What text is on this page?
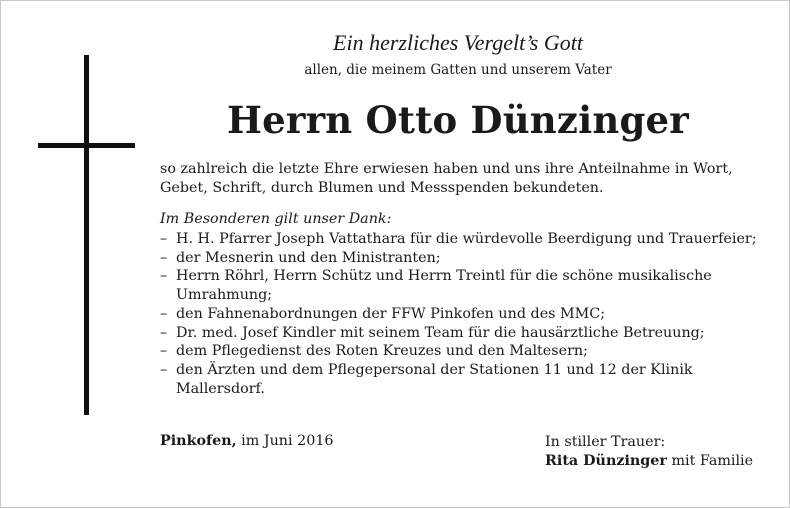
Ein herzliches Vergelt’s Gott
allen, die meinem Gatten und unserem Vater
Herrn Otto Dünzinger
so zahlreich die letzte Ehre erwiesen haben und uns ihre Anteilnahme in Wort, Gebet, Schrift, durch Blumen und Messspenden bekundeten.
Im Besonderen gilt unser Dank:
– H. H. Pfarrer Joseph Vattathara für die würdevolle Beerdigung und Trauerfeier;
– der Mesnerin und den Ministranten;
– Herrn Röhrl, Herrn Schütz und Herrn Treintl für die schöne musikalische Umrahmung;
– den Fahnenabordnungen der FFW Pinkofen und des MMC;
– Dr. med. Josef Kindler mit seinem Team für die hausärztliche Betreuung;
– dem Pflegedienst des Roten Kreuzes und den Maltesern;
– den Ärzten und dem Pflegepersonal der Stationen 11 und 12 der Klinik Mallersdorf.
Pinkofen, im Juni 2016	In stiller Trauer:
Rita Dünzinger mit Familie
